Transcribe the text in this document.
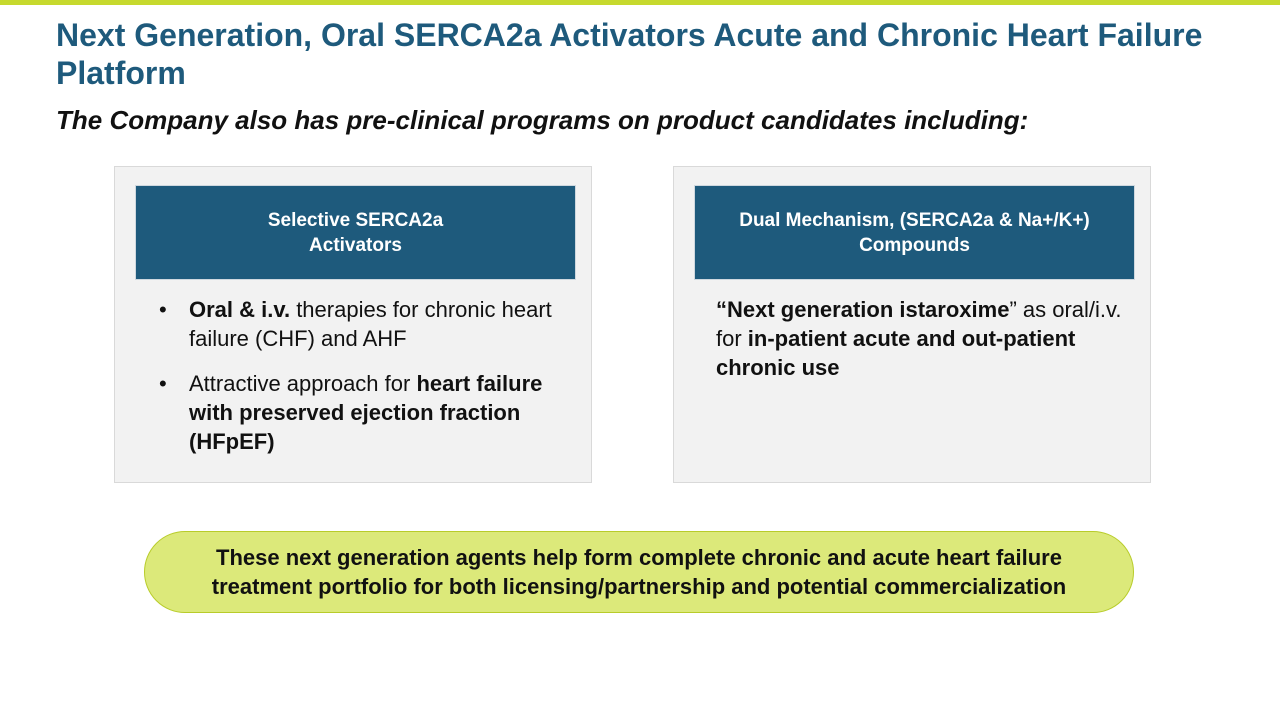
Next Generation, Oral SERCA2a Activators Acute and Chronic Heart Failure Platform

The Company also has pre-clinical programs on product candidates including:

Selective SERCA2a
Activators
• Oral & i.v. therapies for chronic heart failure (CHF) and AHF
• Attractive approach for heart failure with preserved ejection fraction (HFpEF)
Dual Mechanism, (SERCA2a & Na+/K+)
Compounds

“Next generation istaroxime” as oral/i.v. for in-patient acute and out-patient chronic use

These next generation agents help form complete chronic and acute heart failure
treatment portfolio for both licensing/partnership and potential commercialization
